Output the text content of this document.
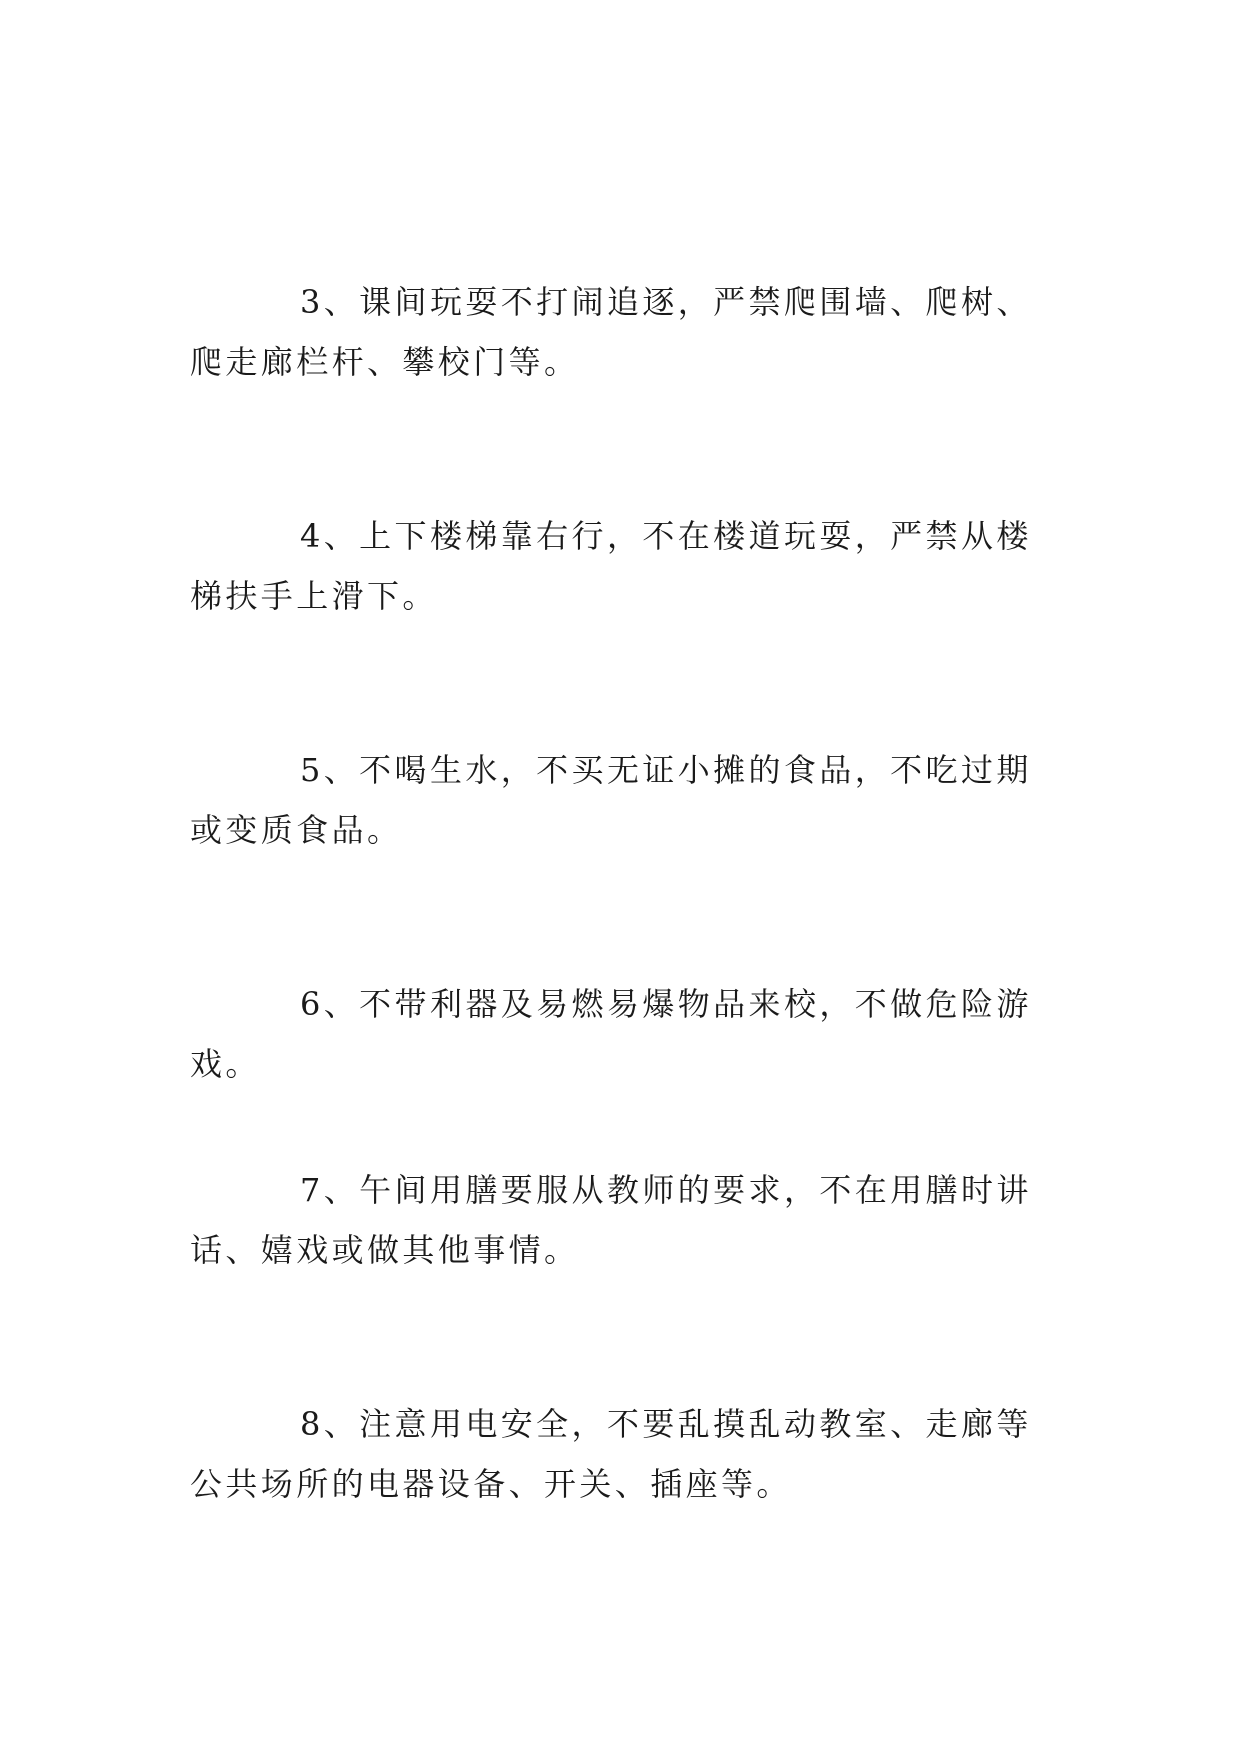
3、课间玩耍不打闹追逐，严禁爬围墙、爬树、爬走廊栏杆、攀校门等。

4、上下楼梯靠右行，不在楼道玩耍，严禁从楼梯扶手上滑下。

5、不喝生水，不买无证小摊的食品，不吃过期或变质食品。

6、不带利器及易燃易爆物品来校，不做危险游戏。

7、午间用膳要服从教师的要求，不在用膳时讲话、嬉戏或做其他事情。

8、注意用电安全，不要乱摸乱动教室、走廊等公共场所的电器设备、开关、插座等。
